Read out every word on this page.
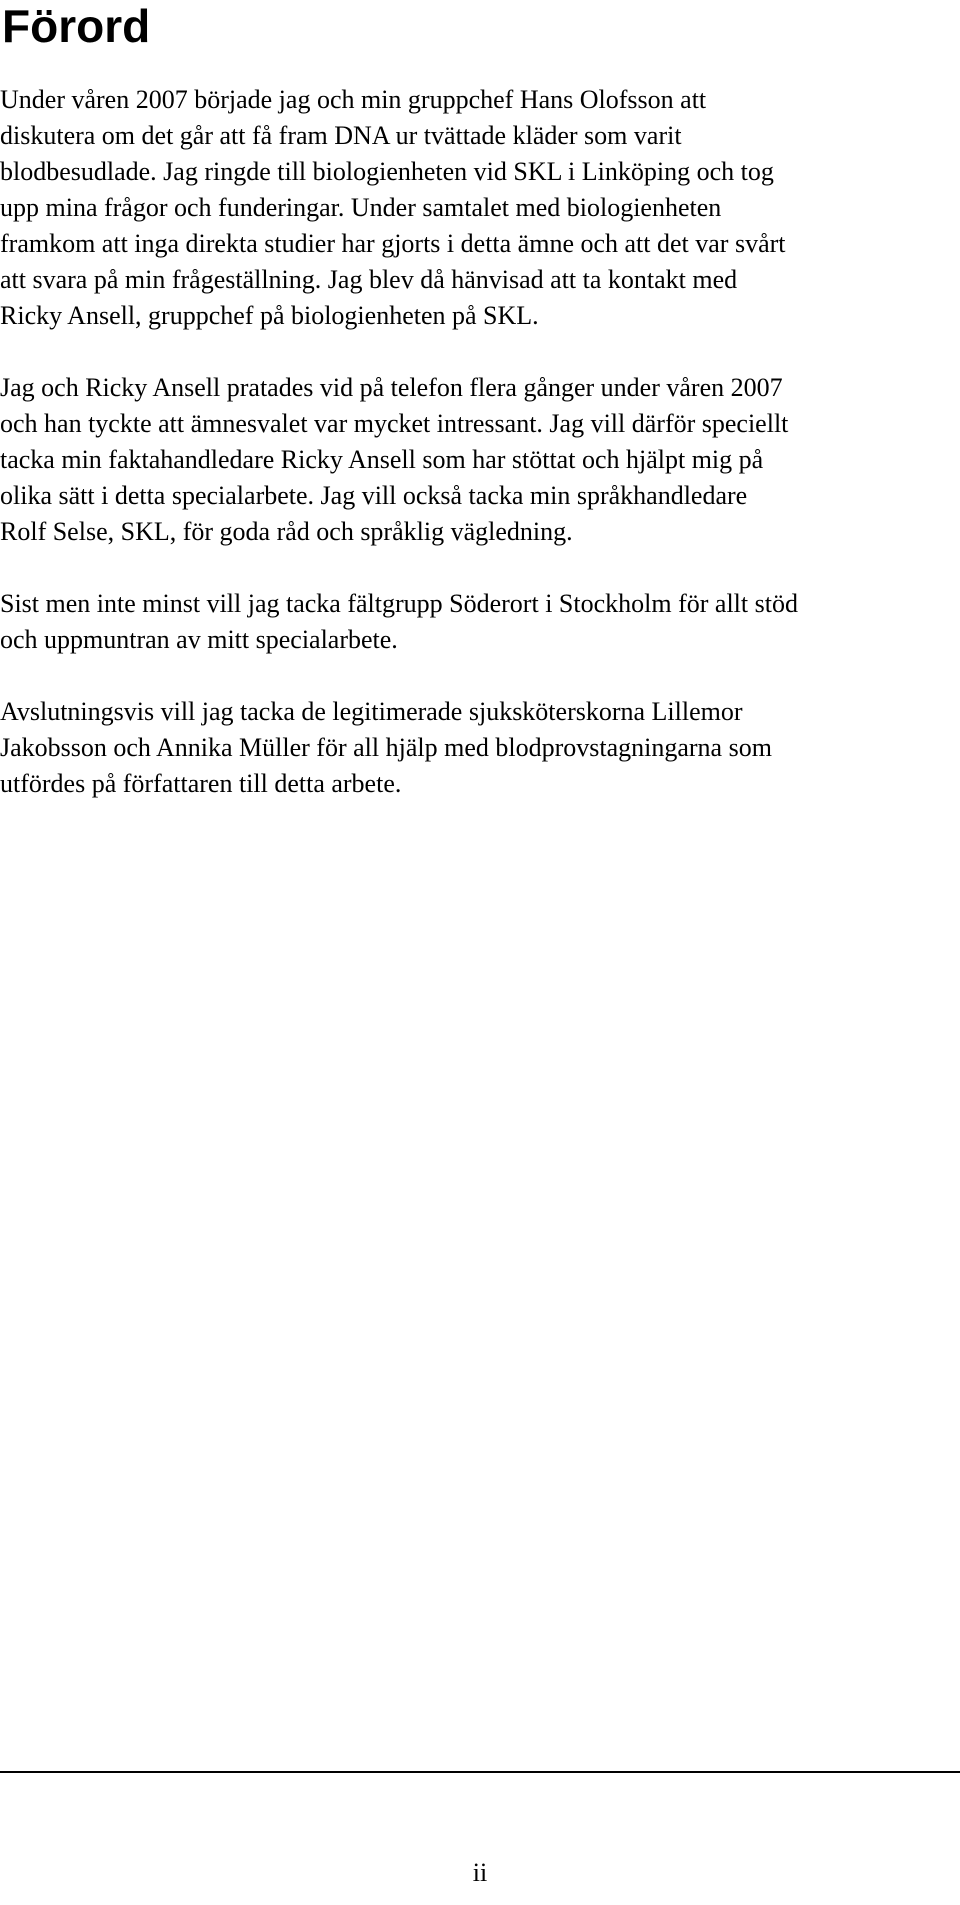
Förord

Under våren 2007 började jag och min gruppchef Hans Olofsson att
diskutera om det går att få fram DNA ur tvättade kläder som varit
blodbesudlade. Jag ringde till biologienheten vid SKL i Linköping och tog
upp mina frågor och funderingar. Under samtalet med biologienheten
framkom att inga direkta studier har gjorts i detta ämne och att det var svårt
att svara på min frågeställning. Jag blev då hänvisad att ta kontakt med
Ricky Ansell, gruppchef på biologienheten på SKL.

Jag och Ricky Ansell pratades vid på telefon flera gånger under våren 2007
och han tyckte att ämnesvalet var mycket intressant. Jag vill därför speciellt
tacka min faktahandledare Ricky Ansell som har stöttat och hjälpt mig på
olika sätt i detta specialarbete. Jag vill också tacka min språkhandledare
Rolf Selse, SKL, för goda råd och språklig vägledning.

Sist men inte minst vill jag tacka fältgrupp Söderort i Stockholm för allt stöd
och uppmuntran av mitt specialarbete.

Avslutningsvis vill jag tacka de legitimerade sjuksköterskorna Lillemor
Jakobsson och Annika Müller för all hjälp med blodprovstagningarna som
utfördes på författaren till detta arbete.

ii
